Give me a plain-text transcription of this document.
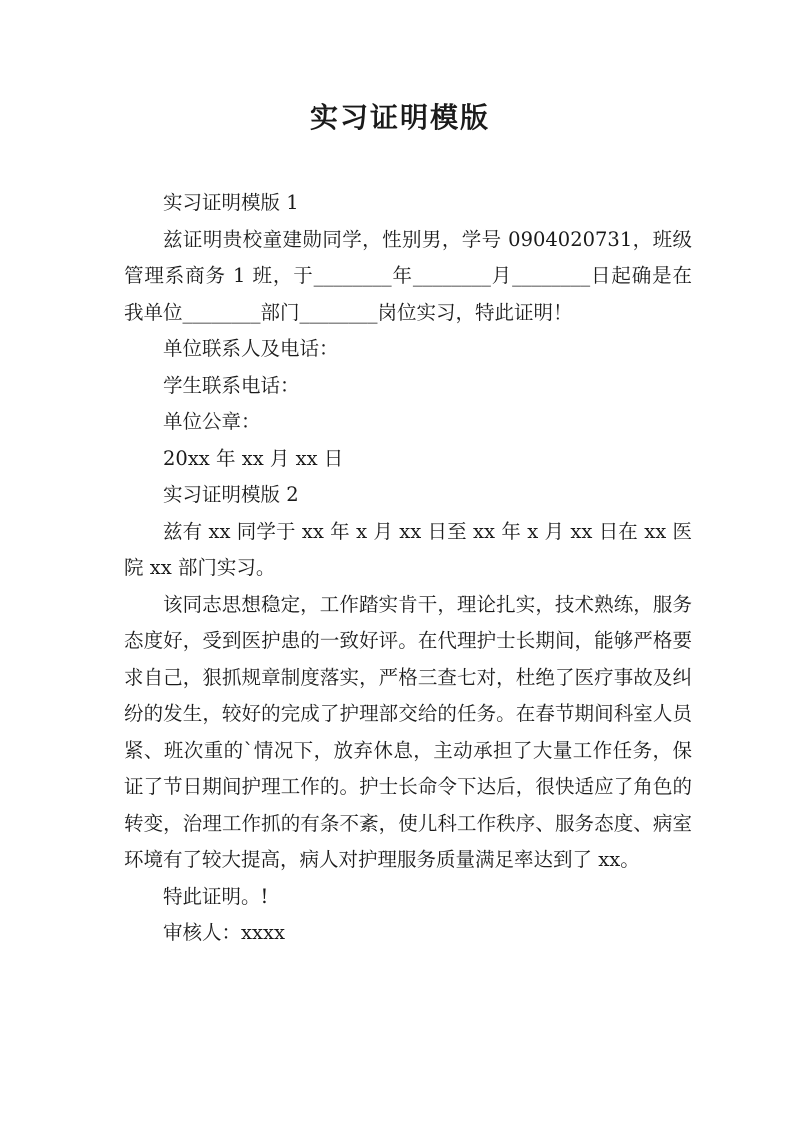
实习证明模版

实习证明模版 1

兹证明贵校童建勋同学，性别男，学号 0904020731，班级管理系商务 1 班，于________年________月________日起确是在我单位________部门________岗位实习，特此证明！

单位联系人及电话：

学生联系电话：

单位公章：

20xx 年 xx 月 xx 日

实习证明模版 2

兹有 xx 同学于 xx 年 x 月 xx 日至 xx 年 x 月 xx 日在 xx 医院 xx 部门实习。

该同志思想稳定，工作踏实肯干，理论扎实，技术熟练，服务态度好，受到医护患的一致好评。在代理护士长期间，能够严格要求自己，狠抓规章制度落实，严格三查七对，杜绝了医疗事故及纠纷的发生，较好的完成了护理部交给的任务。在春节期间科室人员紧、班次重的`情况下，放弃休息，主动承担了大量工作任务，保证了节日期间护理工作的。护士长命令下达后，很快适应了角色的转变，治理工作抓的有条不紊，使儿科工作秩序、服务态度、病室环境有了较大提高，病人对护理服务质量满足率达到了 xx。

特此证明。!

审核人：xxxx
